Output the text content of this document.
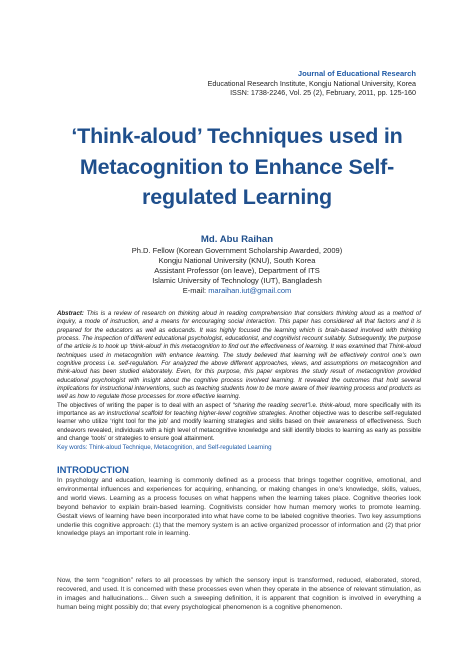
Journal of Educational Research
Educational Research Institute, Kongju National University, Korea
ISSN: 1738-2246, Vol. 25 (2), February, 2011, pp. 125-160
‘Think-aloud’ Techniques used in
Metacognition to Enhance Self-
regulated Learning
Md. Abu Raihan
Ph.D. Fellow (Korean Government Scholarship Awarded, 2009)
Kongju National University (KNU), South Korea
Assistant Professor (on leave), Department of ITS
Islamic University of Technology (IUT), Bangladesh
E-mail: maraihan.iut@gmail.com
Abstract: This is a review of research on thinking aloud in reading comprehension that considers thinking aloud as a method of inquiry, a mode of instruction, and a means for encouraging social interaction. This paper has considered all that factors and it is prepared for the educators as well as educands. It was highly focused the learning which is brain-based involved with thinking process. The inspection of different educational psychologist, educationist, and cognitivist recount suitably. Subsequently, the purpose of the article is to hook up ‘think-aloud’ in this metacognition to find out the effectiveness of learning. It was examined that Think-aloud techniques used in metacognition with enhance learning. The study believed that learning will be effectively control one’s own cognitive process i.e. self-regulation. For analyzed the above different approaches, views, and assumptions on metacognition and think-aloud has been studied elaborately. Even, for this purpose, this paper explores the study result of metacognition provided educational psychologist with insight about the cognitive process involved learning. It revealed the outcomes that hold several implications for instructional interventions, such as teaching students how to be more aware of their learning process and products as well as how to regulate those processes for more effective learning.
The objectives of writing the paper is to deal with an aspect of “sharing the reading secret”i.e. think-aloud, more specifically with its importance as an instructional scaffold for teaching higher-level cognitive strategies. Another objective was to describe self-regulated learner who utilize ‘right tool for the job’ and modify learning strategies and skills based on their awareness of effectiveness. Such endeavors revealed, individuals with a high level of metacognitive knowledge and skill identify blocks to learning as early as possible and change ‘tools’ or strategies to ensure goal attainment.
Key words: Think-aloud Technique, Metacognition, and Self-regulated Learning
INTRODUCTION
In psychology and education, learning is commonly defined as a process that brings together cognitive, emotional, and environmental influences and experiences for acquiring, enhancing, or making changes in one’s knowledge, skills, values, and world views. Learning as a process focuses on what happens when the learning takes place. Cognitive theories look beyond behavior to explain brain-based learning. Cognitivists consider how human memory works to promote learning. Gestalt views of learning have been incorporated into what have come to be labeled cognitive theories. Two key assumptions underlie this cognitive approach: (1) that the memory system is an active organized processor of information and (2) that prior knowledge plays an important role in learning.
Now, the term “cognition” refers to all processes by which the sensory input is transformed, reduced, elaborated, stored, recovered, and used. It is concerned with these processes even when they operate in the absence of relevant stimulation, as in images and hallucinations... Given such a sweeping definition, it is apparent that cognition is involved in everything a human being might possibly do; that every psychological phenomenon is a cognitive phenomenon.
